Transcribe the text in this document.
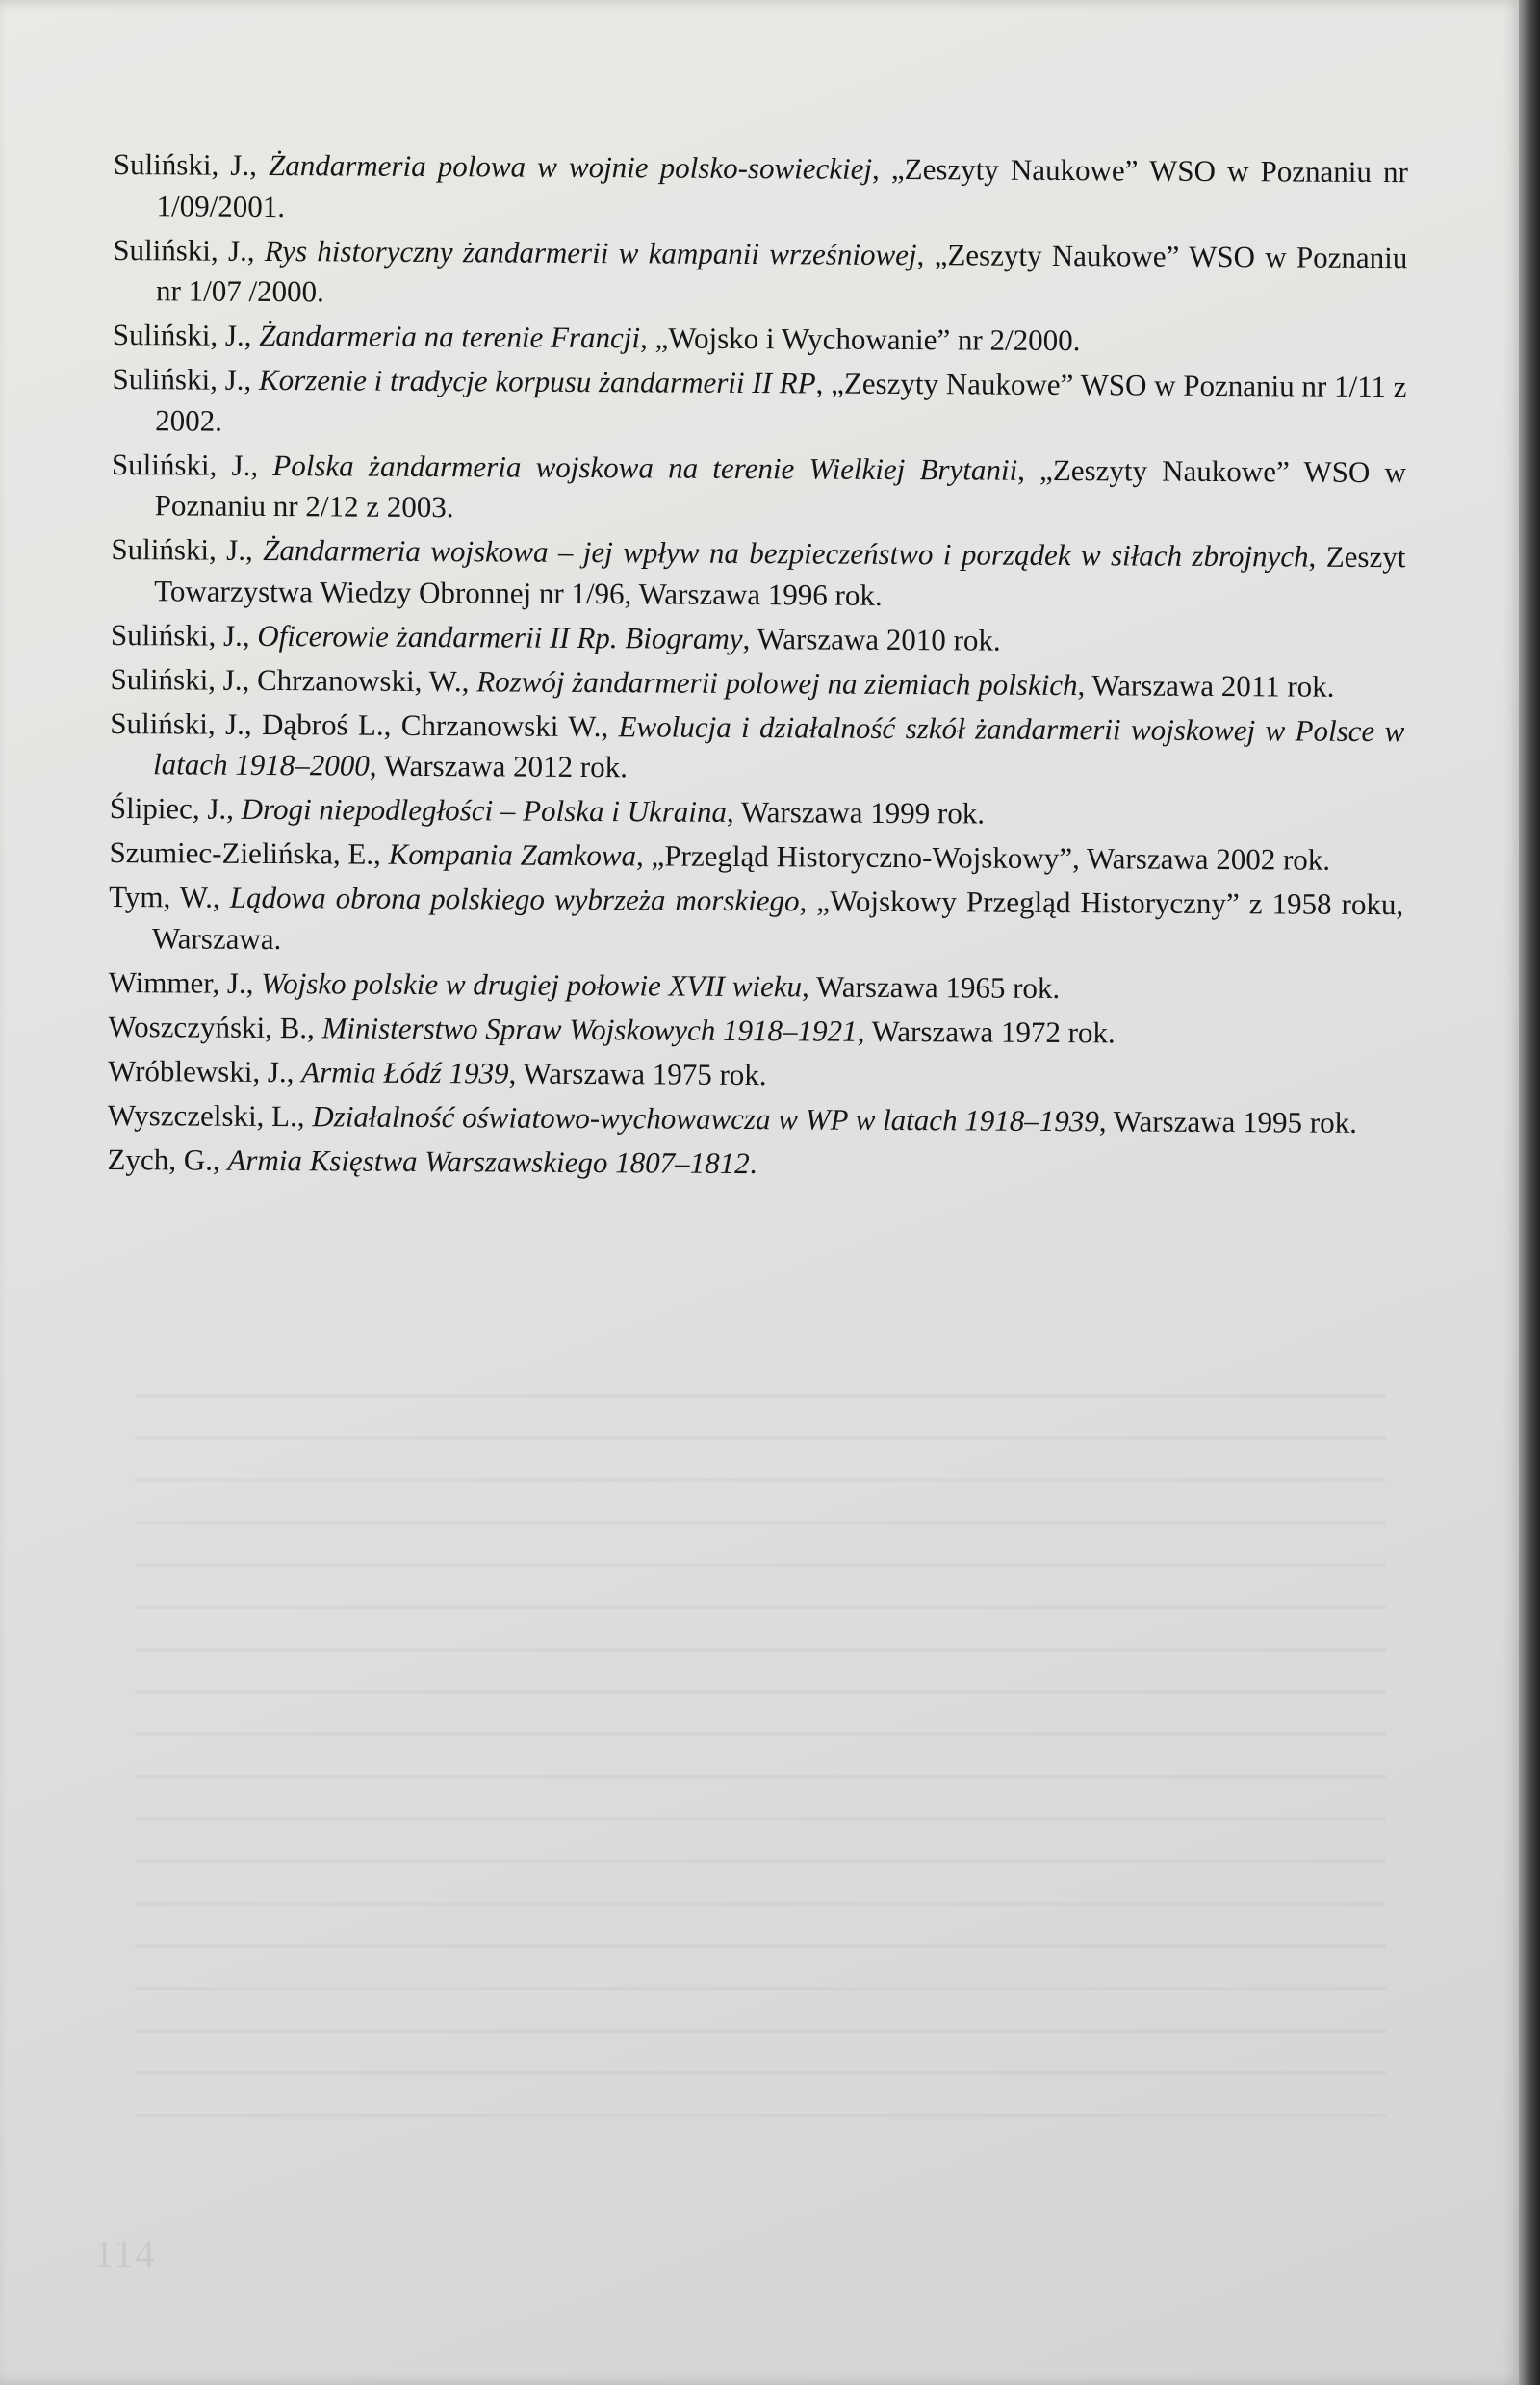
Suliński, J., Żandarmeria polowa w wojnie polsko-sowieckiej, „Zeszyty Naukowe” WSO w Poznaniu nr 1/09/2001.
Suliński, J., Rys historyczny żandarmerii w kampanii wrześniowej, „Zeszyty Naukowe” WSO w Poznaniu nr 1/07 /2000.
Suliński, J., Żandarmeria na terenie Francji, „Wojsko i Wychowanie” nr 2/2000.
Suliński, J., Korzenie i tradycje korpusu żandarmerii II RP, „Zeszyty Naukowe” WSO w Poznaniu nr 1/11 z 2002.
Suliński, J., Polska żandarmeria wojskowa na terenie Wielkiej Brytanii, „Zeszyty Naukowe” WSO w Poznaniu nr 2/12 z 2003.
Suliński, J., Żandarmeria wojskowa – jej wpływ na bezpieczeństwo i porządek w siłach zbrojnych, Zeszyt Towarzystwa Wiedzy Obronnej nr 1/96, Warszawa 1996 rok.
Suliński, J., Oficerowie żandarmerii II Rp. Biogramy, Warszawa 2010 rok.
Suliński, J., Chrzanowski, W., Rozwój żandarmerii polowej na ziemiach polskich, Warszawa 2011 rok.
Suliński, J., Dąbroś L., Chrzanowski W., Ewolucja i działalność szkół żandarmerii wojskowej w Polsce w latach 1918–2000, Warszawa 2012 rok.
Ślipiec, J., Drogi niepodległości – Polska i Ukraina, Warszawa 1999 rok.
Szumiec-Zielińska, E., Kompania Zamkowa, „Przegląd Historyczno-Wojskowy”, Warszawa 2002 rok.
Tym, W., Lądowa obrona polskiego wybrzeża morskiego, „Wojskowy Przegląd Historyczny” z 1958 roku, Warszawa.
Wimmer, J., Wojsko polskie w drugiej połowie XVII wieku, Warszawa 1965 rok.
Woszczyński, B., Ministerstwo Spraw Wojskowych 1918–1921, Warszawa 1972 rok.
Wróblewski, J., Armia Łódź 1939, Warszawa 1975 rok.
Wyszczelski, L., Działalność oświatowo-wychowawcza w WP w latach 1918–1939, Warszawa 1995 rok.
Zych, G., Armia Księstwa Warszawskiego 1807–1812.
114
